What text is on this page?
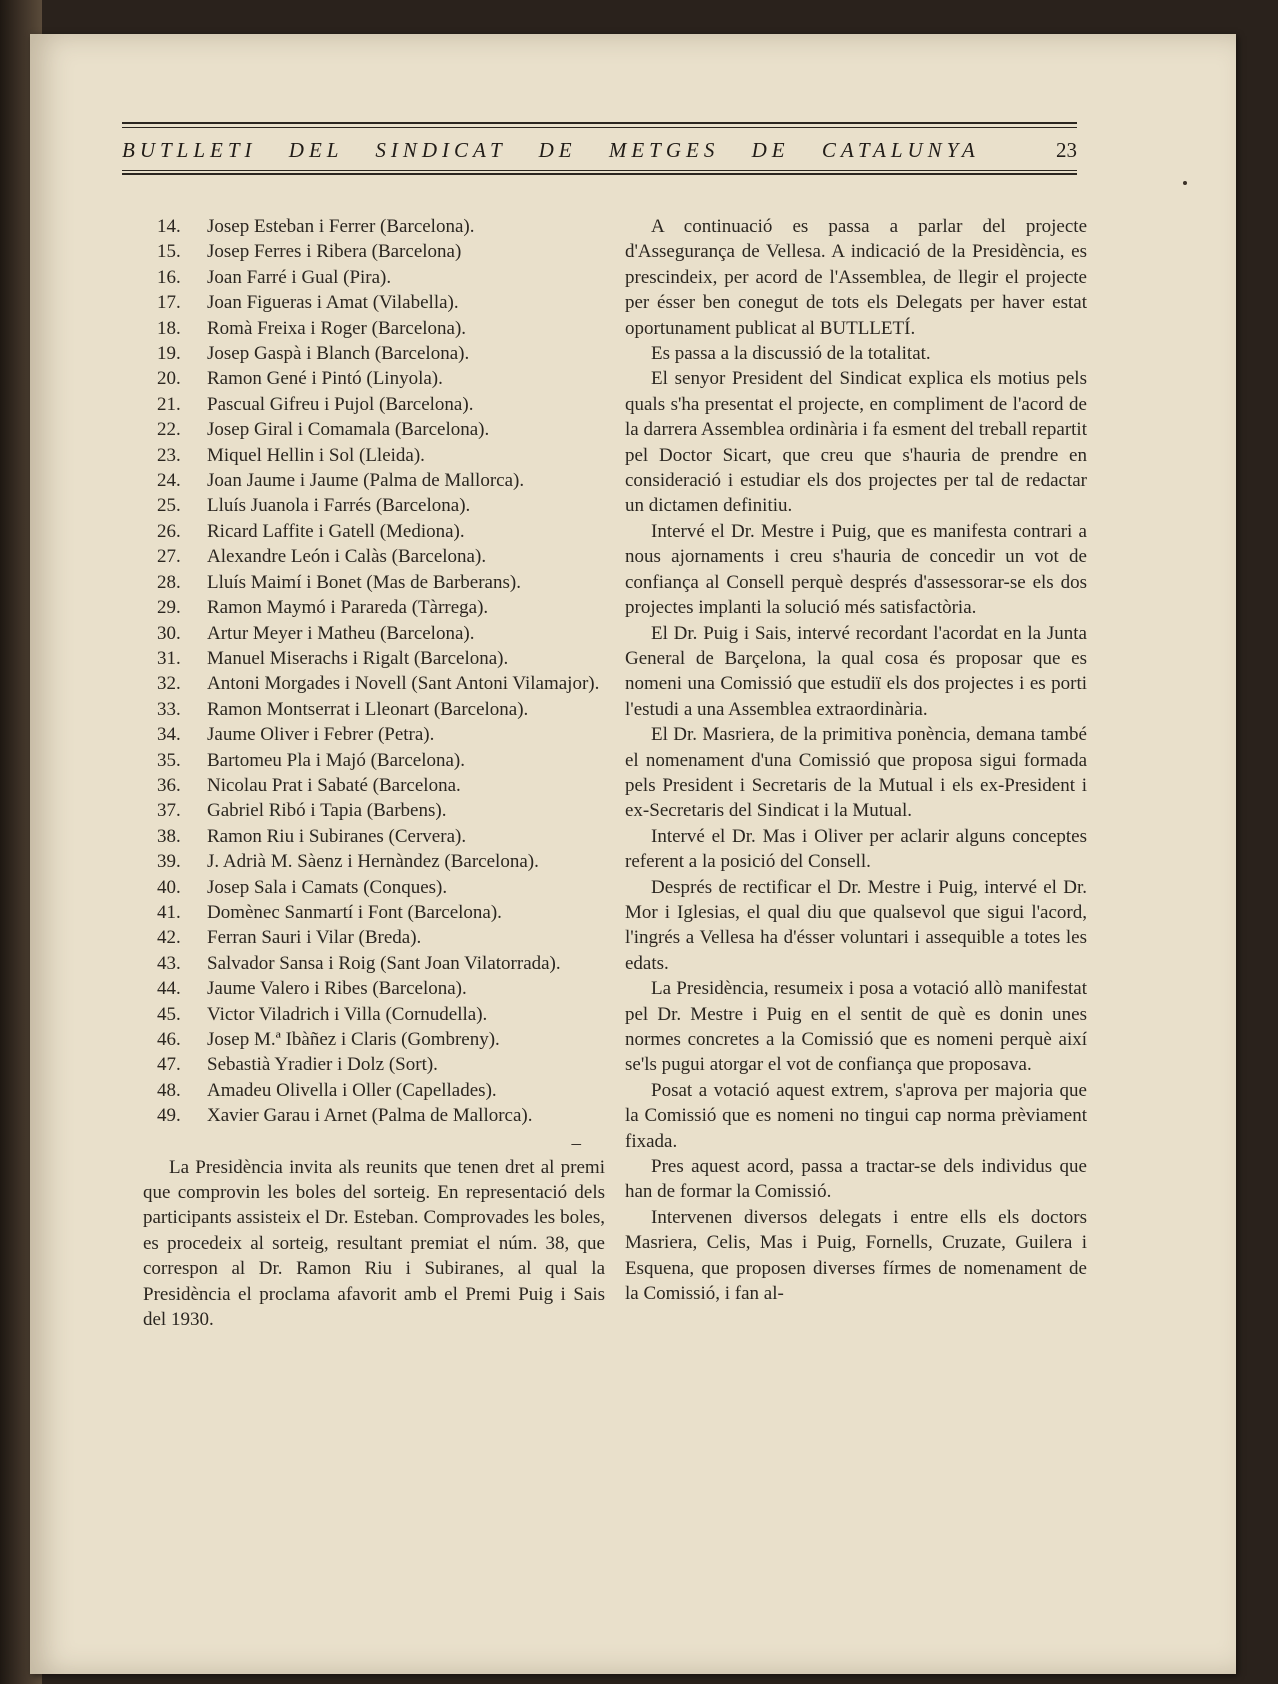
BUTLLETI DEL SINDICAT DE METGES DE CATALUNYA	23
14.	Josep Esteban i Ferrer (Barcelona).
15.	Josep Ferres i Ribera (Barcelona)
16.	Joan Farré i Gual (Pira).
17.	Joan Figueras i Amat (Vilabella).
18.	Romà Freixa i Roger (Barcelona).
19.	Josep Gaspà i Blanch (Barcelona).
20.	Ramon Gené i Pintó (Linyola).
21.	Pascual Gifreu i Pujol (Barcelona).
22.	Josep Giral i Comamala (Barcelona).
23.	Miquel Hellin i Sol (Lleida).
24. Joan Jaume i Jaume (Palma de Mallorca).
25.	Lluís Juanola i Farrés (Barcelona).
26.	Ricard Laffite i Gatell (Mediona).
27.	Alexandre León i Calàs (Barcelona).
28. Lluís Maimí i Bonet (Mas de Barberans).
29.	Ramon Maymó i Parareda (Tàrrega).
30.	Artur Meyer i Matheu (Barcelona).
31. Manuel Miserachs i Rigalt (Barcelona).
32. Antoni Morgades i Novell (Sant Antoni Vilamajor).
33. Ramon Montserrat i Lleonart (Barcelona).
34.	Jaume Oliver i Febrer (Petra).
35.	Bartomeu Pla i Majó (Barcelona).
36.	Nicolau Prat i Sabaté (Barcelona.
37.	Gabriel Ribó i Tapia (Barbens).
38.	Ramon Riu i Subiranes (Cervera).
39. J. Adrià M. Sàenz i Hernàndez (Barcelona).
40.	Josep Sala i Camats (Conques).
41.	Domènec Sanmartí i Font (Barcelona).
42.	Ferran Sauri i Vilar (Breda).
43. Salvador Sansa i Roig (Sant Joan Vilatorrada).
44.	Jaume Valero i Ribes (Barcelona).
45. Victor Viladrich i Villa (Cornudella).
46. Josep M.ª Ibàñez i Claris (Gombreny).
47.	Sebastià Yradier i Dolz (Sort).
48. Amadeu Olivella i Oller (Capellades).
49. Xavier Garau i Arnet (Palma de Mallorca).
–

La Presidència invita als reunits que tenen dret al premi que comprovin les boles del sorteig. En representació dels participants assisteix el Dr. Esteban. Comprovades les boles, es procedeix al sorteig, resultant premiat el núm. 38, que correspon al Dr. Ramon Riu i Subiranes, al qual la Presidència el proclama afavorit amb el Premi Puig i Sais del 1930.

A continuació es passa a parlar del projecte d'Assegurança de Vellesa. A indicació de la Presidència, es prescindeix, per acord de l'Assemblea, de llegir el projecte per ésser ben conegut de tots els Delegats per haver estat oportunament publicat al BUTLLETÍ.

Es passa a la discussió de la totalitat.

El senyor President del Sindicat explica els motius pels quals s'ha presentat el projecte, en compliment de l'acord de la darrera Assemblea ordinària i fa esment del treball repartit pel Doctor Sicart, que creu que s'hauria de prendre en consideració i estudiar els dos projectes per tal de redactar un dictamen definitiu.

Intervé el Dr. Mestre i Puig, que es manifesta contrari a nous ajornaments i creu s'hauria de concedir un vot de confiança al Consell perquè després d'assessorar-se els dos projectes implanti la solució més satisfactòria.

El Dr. Puig i Sais, intervé recordant l'acordat en la Junta General de Barçelona, la qual cosa és proposar que es nomeni una Comissió que estudiï els dos projectes i es porti l'estudi a una Assemblea extraordinària.

El Dr. Masriera, de la primitiva ponència, demana també el nomenament d'una Comissió que proposa sigui formada pels President i Secretaris de la Mutual i els ex-President i ex-Secretaris del Sindicat i la Mutual.

Intervé el Dr. Mas i Oliver per aclarir alguns conceptes referent a la posició del Consell.

Després de rectificar el Dr. Mestre i Puig, intervé el Dr. Mor i Iglesias, el qual diu que qualsevol que sigui l'acord, l'ingrés a Vellesa ha d'ésser voluntari i assequible a totes les edats.

La Presidència, resumeix i posa a votació allò manifestat pel Dr. Mestre i Puig en el sentit de què es donin unes normes concretes a la Comissió que es nomeni perquè així se'ls pugui atorgar el vot de confiança que proposava.

Posat a votació aquest extrem, s'aprova per majoria que la Comissió que es nomeni no tingui cap norma prèviament fixada.

Pres aquest acord, passa a tractar-se dels individus que han de formar la Comissió.

Intervenen diversos delegats i entre ells els doctors Masriera, Celis, Mas i Puig, Fornells, Cruzate, Guilera i Esquena, que proposen diverses fírmes de nomenament de la Comissió, i fan al-
